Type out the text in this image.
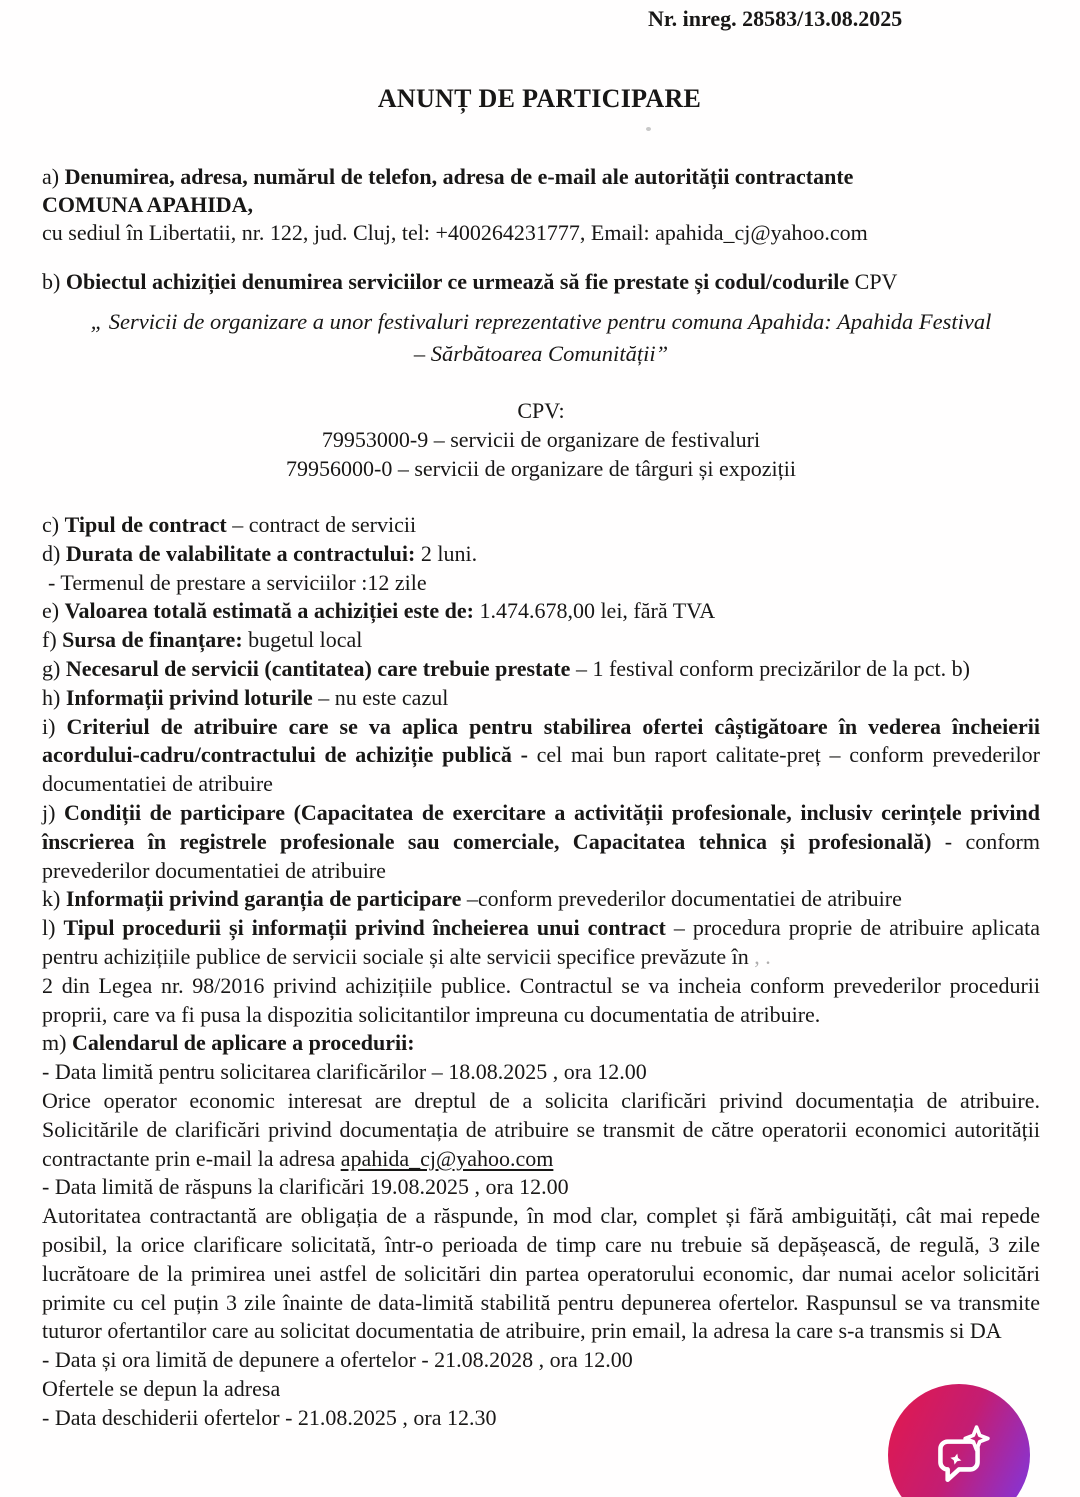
Nr. inreg. 28583/13.08.2025
ANUNȚ DE PARTICIPARE
a) Denumirea, adresa, numărul de telefon, adresa de e-mail ale autorității contractante
COMUNA APAHIDA,
cu sediul în Libertatii, nr. 122, jud. Cluj, tel: +400264231777, Email: apahida_cj@yahoo.com
b) Obiectul achiziției denumirea serviciilor ce urmează să fie prestate și codul/codurile CPV
„ Servicii de organizare a unor festivaluri reprezentative pentru comuna Apahida: Apahida Festival
– Sărbătoarea Comunității”
CPV:
79953000-9 – servicii de organizare de festivaluri
79956000-0 – servicii de organizare de târguri și expoziții

c) Tipul de contract – contract de servicii

d) Durata de valabilitate a contractului: 2 luni.

- Termenul de prestare a serviciilor :12 zile

e) Valoarea totală estimată a achiziției este de: 1.474.678,00 lei, fără TVA

f) Sursa de finanțare: bugetul local

g) Necesarul de servicii (cantitatea) care trebuie prestate – 1 festival conform precizărilor de la pct. b)

h) Informații privind loturile – nu este cazul

i) Criteriul de atribuire care se va aplica pentru stabilirea ofertei câștigătoare în vederea încheierii acordului-cadru/contractului de achiziție publică - cel mai bun raport calitate-preț – conform prevederilor documentatiei de atribuire

j) Condiții de participare (Capacitatea de exercitare a activității profesionale, inclusiv cerințele privind înscrierea în registrele profesionale sau comerciale, Capacitatea tehnica și profesională) - conform prevederilor documentatiei de atribuire

k) Informații privind garanția de participare –conform prevederilor documentatiei de atribuire

l) Tipul procedurii și informații privind încheierea unui contract – procedura proprie de atribuire aplicata pentru achizițiile publice de servicii sociale și alte servicii specifice prevăzute în , .
2 din Legea nr. 98/2016 privind achizițiile publice. Contractul se va incheia conform prevederilor procedurii proprii, care va fi pusa la dispozitia solicitantilor impreuna cu documentatia de atribuire.

m) Calendarul de aplicare a procedurii:

- Data limită pentru solicitarea clarificărilor – 18.08.2025 , ora 12.00

Orice operator economic interesat are dreptul de a solicita clarificări privind documentația de atribuire. Solicitările de clarificări privind documentația de atribuire se transmit de către operatorii economici autorității contractante prin e-mail la adresa apahida_cj@yahoo.com

- Data limită de răspuns la clarificări 19.08.2025 , ora 12.00

Autoritatea contractantă are obligația de a răspunde, în mod clar, complet și fără ambiguități, cât mai repede posibil, la orice clarificare solicitată, într-o perioada de timp care nu trebuie să depășească, de regulă, 3 zile lucrătoare de la primirea unei astfel de solicitări din partea operatorului economic, dar numai acelor solicitări primite cu cel puțin 3 zile înainte de data-limită stabilită pentru depunerea ofertelor. Raspunsul se va transmite tuturor ofertantilor care au solicitat documentatia de atribuire, prin email, la adresa la care s-a transmis si DA

- Data și ora limită de depunere a ofertelor - 21.08.2028 , ora 12.00

Ofertele se depun la adresa

- Data deschiderii ofertelor - 21.08.2025 , ora 12.30
